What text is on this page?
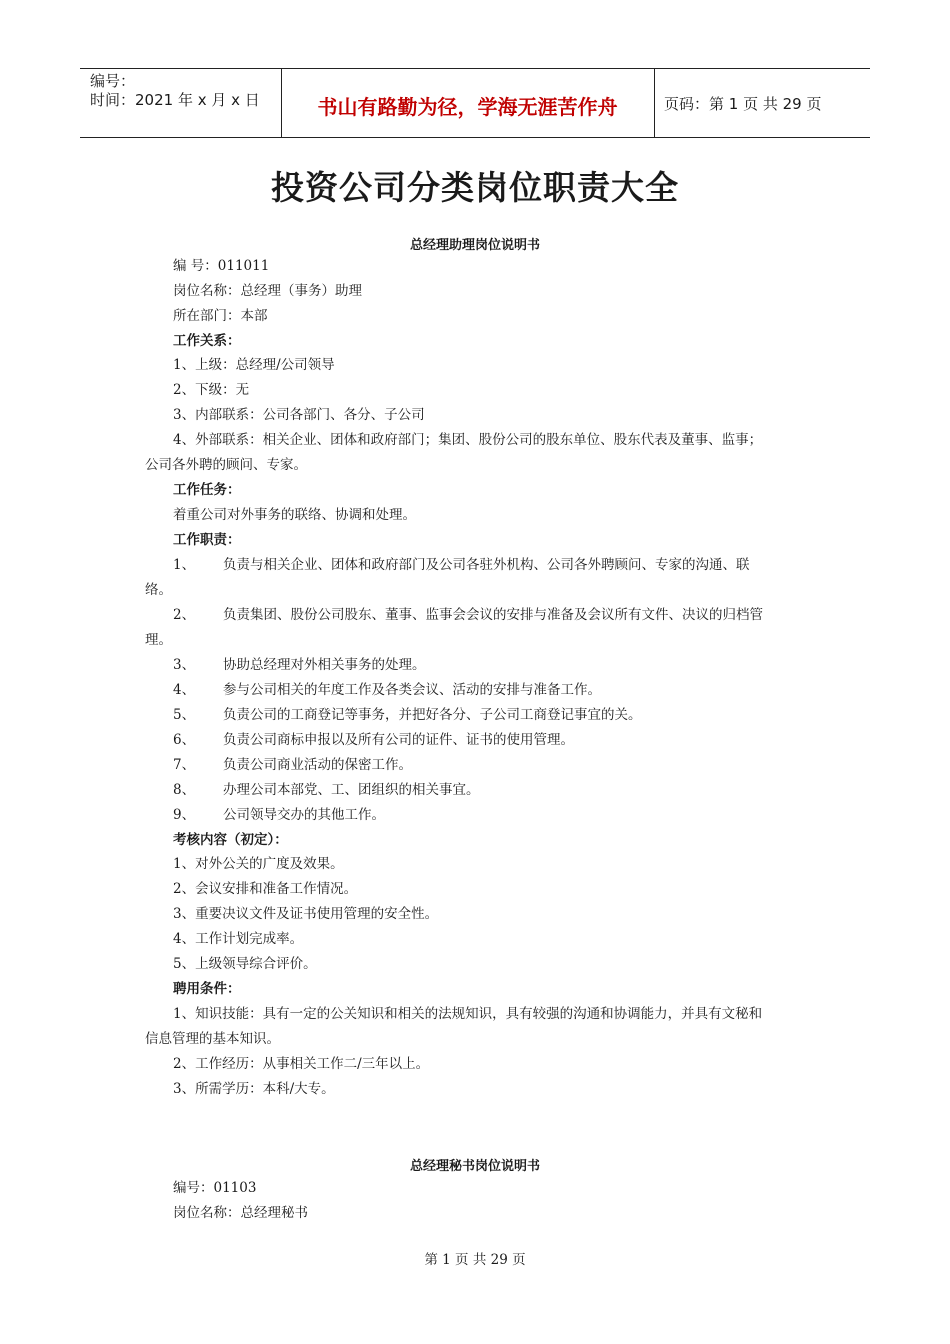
编号：
时间：2021 年 x 月 x 日	书山有路勤为径，学海无涯苦作舟	页码：第 1 页 共 29 页
投资公司分类岗位职责大全
总经理助理岗位说明书
编 号：011011
岗位名称：总经理（事务）助理
所在部门：本部
工作关系：
1、上级：总经理/公司领导
2、下级：无
3、内部联系：公司各部门、各分、子公司
4、外部联系：相关企业、团体和政府部门；集团、股份公司的股东单位、股东代表及董事、监事；
公司各外聘的顾问、专家。
工作任务：
着重公司对外事务的联络、协调和处理。
工作职责：
1、 负责与相关企业、团体和政府部门及公司各驻外机构、公司各外聘顾问、专家的沟通、联
络。
2、 负责集团、股份公司股东、董事、监事会会议的安排与准备及会议所有文件、决议的归档管
理。
3、 协助总经理对外相关事务的处理。
4、 参与公司相关的年度工作及各类会议、活动的安排与准备工作。
5、 负责公司的工商登记等事务，并把好各分、子公司工商登记事宜的关。
6、 负责公司商标申报以及所有公司的证件、证书的使用管理。
7、 负责公司商业活动的保密工作。
8、 办理公司本部党、工、团组织的相关事宜。
9、 公司领导交办的其他工作。
考核内容（初定）：
1、对外公关的广度及效果。
2、会议安排和准备工作情况。
3、重要决议文件及证书使用管理的安全性。
4、工作计划完成率。
5、上级领导综合评价。
聘用条件：
1、知识技能：具有一定的公关知识和相关的法规知识，具有较强的沟通和协调能力，并具有文秘和
信息管理的基本知识。
2、工作经历：从事相关工作二/三年以上。
3、所需学历：本科/大专。
总经理秘书岗位说明书
编号：01103
岗位名称：总经理秘书
第 1 页 共 29 页
